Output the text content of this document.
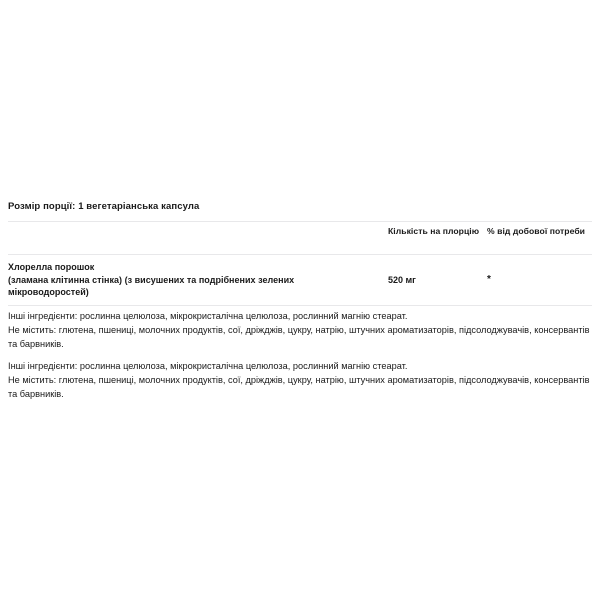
Розмір порції: 1 вегетаріанська капсула
Кількість на плорцію % від добової потреби
Хлорелла порошок
(зламана клітинна стінка) (з висушених та подрібнених зелених
мікроводоростей)
520 мг	*
Інші інгредієнти: рослинна целюлоза, мікрокристалічна целюлоза, рослинний магнію стеарат.
Не містить: глютена, пшениці, молочних продуктів, сої, дріжджів, цукру, натрію, штучних ароматизаторів, підсолоджувачів, консервантів та барвників.
Інші інгредієнти: рослинна целюлоза, мікрокристалічна целюлоза, рослинний магнію стеарат.
Не містить: глютена, пшениці, молочних продуктів, сої, дріжджів, цукру, натрію, штучних ароматизаторів, підсолоджувачів, консервантів та барвників.
